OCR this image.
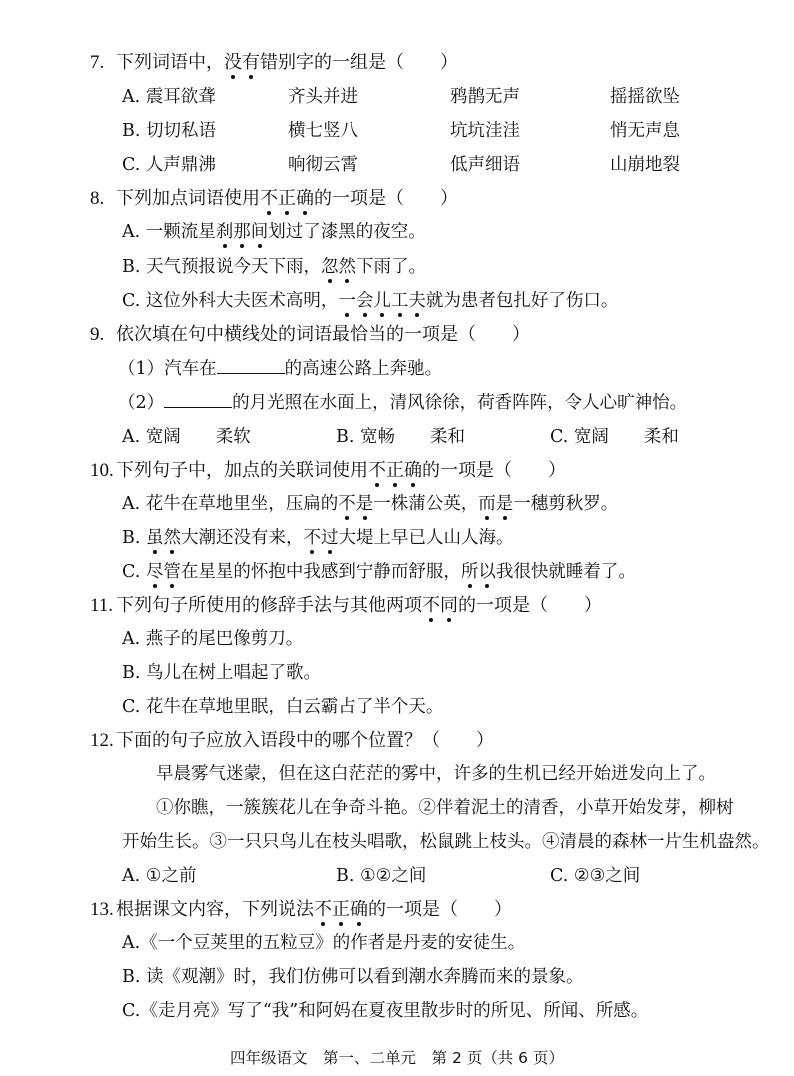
7. 下列词语中，没有错别字的一组是（　　）
A. 震耳欲聋	齐头并进	鸦鹊无声	摇摇欲坠
B. 切切私语	横七竖八	坑坑洼洼	悄无声息
C. 人声鼎沸	响彻云霄	低声细语	山崩地裂
8. 下列加点词语使用不正确的一项是（　　）
A. 一颗流星刹那间划过了漆黑的夜空。
B. 天气预报说今天下雨，忽然下雨了。
C. 这位外科大夫医术高明，一会儿工夫就为患者包扎好了伤口。
9. 依次填在句中横线处的词语最恰当的一项是（　　）
（1）汽车在	的高速公路上奔驰。
（2）	的月光照在水面上，清风徐徐，荷香阵阵，令人心旷神怡。
A. 宽阔　　柔软	B. 宽畅　　柔和	C. 宽阔　　柔和
10. 下列句子中，加点的关联词使用不正确的一项是（　　）
A. 花牛在草地里坐，压扁的不是一株蒲公英，而是一穗剪秋罗。
B. 虽然大潮还没有来，不过大堤上早已人山人海。
C. 尽管在星星的怀抱中我感到宁静而舒服，所以我很快就睡着了。
11. 下列句子所使用的修辞手法与其他两项不同的一项是（　　）
A. 燕子的尾巴像剪刀。
B. 鸟儿在树上唱起了歌。
C. 花牛在草地里眠，白云霸占了半个天。
12. 下面的句子应放入语段中的哪个位置？（　　）
早晨雾气迷蒙，但在这白茫茫的雾中，许多的生机已经开始迸发向上了。
①你瞧，一簇簇花儿在争奇斗艳。②伴着泥土的清香，小草开始发芽，柳树
开始生长。③一只只鸟儿在枝头唱歌，松鼠跳上枝头。④清晨的森林一片生机盎然。
A. ①之前	B. ①②之间	C. ②③之间
13. 根据课文内容，下列说法不正确的一项是（　　）
A.《一个豆荚里的五粒豆》的作者是丹麦的安徒生。
B. 读《观潮》时，我们仿佛可以看到潮水奔腾而来的景象。
C.《走月亮》写了“我”和阿妈在夏夜里散步时的所见、所闻、所感。
四年级语文　第一、二单元　第 2 页（共 6 页）
